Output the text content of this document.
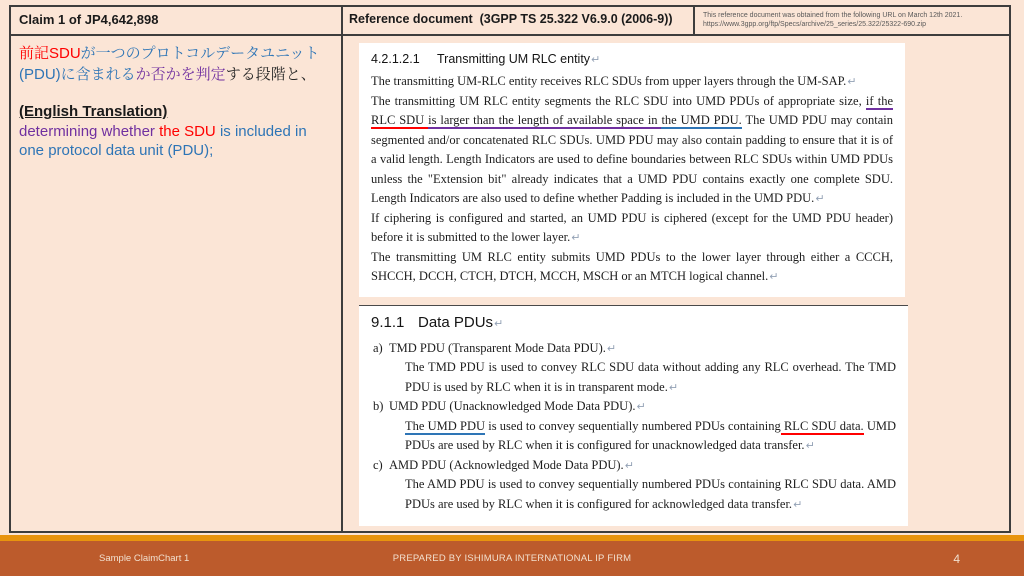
Claim 1 of JP4,642,898	Reference document  (3GPP TS 25.322 V6.9.0 (2006-9))	This reference document was obtained from the following URL on March 12th 2021.
https://www.3gpp.org/ftp/Specs/archive/25_series/25.322/25322-690.zip
前記SDUが一つのプロトコルデータユニット(PDU)に含まれるか否かを判定する段階と、
(English Translation)
determining whether the SDU is included in one protocol data unit (PDU);

4.2.1.2.1 Transmitting UM RLC entity↵

The transmitting UM-RLC entity receives RLC SDUs from upper layers through the UM-SAP.↵

The transmitting UM RLC entity segments the RLC SDU into UMD PDUs of appropriate size, if the RLC SDU is larger than the length of available space in the UMD PDU. The UMD PDU may contain segmented and/or concatenated RLC SDUs. UMD PDU may also contain padding to ensure that it is of a valid length. Length Indicators are used to define boundaries between RLC SDUs within UMD PDUs unless the "Extension bit" already indicates that a UMD PDU contains exactly one complete SDU. Length Indicators are also used to define whether Padding is included in the UMD PDU.↵

If ciphering is configured and started, an UMD PDU is ciphered (except for the UMD PDU header) before it is submitted to the lower layer.↵

The transmitting UM RLC entity submits UMD PDUs to the lower layer through either a CCCH, SHCCH, DCCH, CTCH, DTCH, MCCH, MSCH or an MTCH logical channel.↵

9.1.1 Data PDUs↵

a) TMD PDU (Transparent Mode Data PDU).↵

The TMD PDU is used to convey RLC SDU data without adding any RLC overhead. The TMD PDU is used by RLC when it is in transparent mode.↵

b) UMD PDU (Unacknowledged Mode Data PDU).↵

The UMD PDU is used to convey sequentially numbered PDUs containing RLC SDU data. UMD PDUs are used by RLC when it is configured for unacknowledged data transfer.↵

c) AMD PDU (Acknowledged Mode Data PDU).↵

The AMD PDU is used to convey sequentially numbered PDUs containing RLC SDU data. AMD PDUs are used by RLC when it is configured for acknowledged data transfer.↵

Sample ClaimChart 1	PREPARED BY ISHIMURA INTERNATIONAL IP FIRM	4
